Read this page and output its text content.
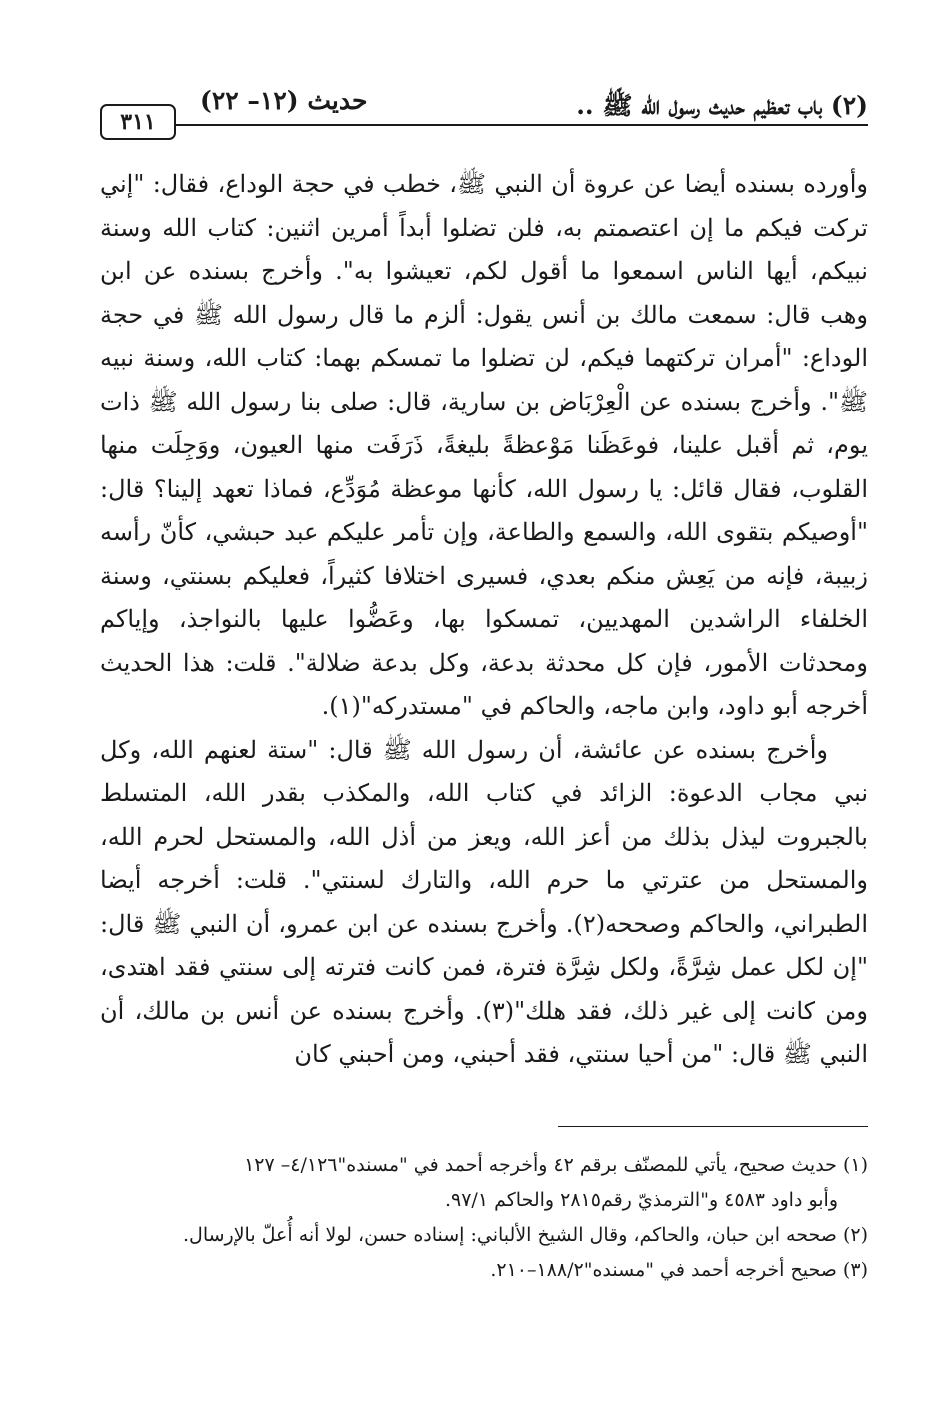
(٢) باب تعظيم حديث رسول الله ﷺ ..
حديث (١٢– ٢٢)
٣١١

وأورده بسنده أيضا عن عروة أن النبي ﷺ، خطب في حجة الوداع، فقال: "إني تركت فيكم ما إن اعتصمتم به، فلن تضلوا أبداً أمرين اثنين: كتاب الله وسنة نبيكم، أيها الناس اسمعوا ما أقول لكم، تعيشوا به". وأخرج بسنده عن ابن وهب قال: سمعت مالك بن أنس يقول: ألزم ما قال رسول الله ﷺ في حجة الوداع: "أمران تركتهما فيكم، لن تضلوا ما تمسكم بهما: كتاب الله، وسنة نبيه ﷺ". وأخرج بسنده عن الْعِرْبَاض بن سارية، قال: صلى بنا رسول الله ﷺ ذات يوم، ثم أقبل علينا، فوعَظَنا مَوْعظةً بليغةً، ذَرَفَت منها العيون، ووَجِلَت منها القلوب، فقال قائل: يا رسول الله، كأنها موعظة مُوَدِّع، فماذا تعهد إلينا؟ قال: "أوصيكم بتقوى الله، والسمع والطاعة، وإن تأمر عليكم عبد حبشي، كأنّ رأسه زبيبة، فإنه من يَعِش منكم بعدي، فسيرى اختلافا كثيراً، فعليكم بسنتي، وسنة الخلفاء الراشدين المهديين، تمسكوا بها، وعَضُّوا عليها بالنواجذ، وإياكم ومحدثات الأمور، فإن كل محدثة بدعة، وكل بدعة ضلالة". قلت: هذا الحديث أخرجه أبو داود، وابن ماجه، والحاكم في "مستدركه"(١).

وأخرج بسنده عن عائشة، أن رسول الله ﷺ قال: "ستة لعنهم الله، وكل نبي مجاب الدعوة: الزائد في كتاب الله، والمكذب بقدر الله، المتسلط بالجبروت ليذل بذلك من أعز الله، ويعز من أذل الله، والمستحل لحرم الله، والمستحل من عترتي ما حرم الله، والتارك لسنتي". قلت: أخرجه أيضا الطبراني، والحاكم وصححه(٢). وأخرج بسنده عن ابن عمرو، أن النبي ﷺ قال: "إن لكل عمل شِرَّةً، ولكل شِرَّة فترة، فمن كانت فترته إلى سنتي فقد اهتدى، ومن كانت إلى غير ذلك، فقد هلك"(٣). وأخرج بسنده عن أنس بن مالك، أن النبي ﷺ قال: "من أحيا سنتي، فقد أحبني، ومن أحبني كان

(١) حديث صحيح، يأتي للمصنّف برقم ٤٢ وأخرجه أحمد في "مسنده"٤/١٢٦– ١٢٧
وأبو داود ٤٥٨٣ و"الترمذيّ رقم٢٨١٥ والحاكم ٩٧/١.

(٢) صححه ابن حبان، والحاكم، وقال الشيخ الألباني: إسناده حسن، لولا أنه أُعلّ بالإرسال.

(٣) صحيح أخرجه أحمد في "مسنده"١٨٨/٢–٢١٠.
